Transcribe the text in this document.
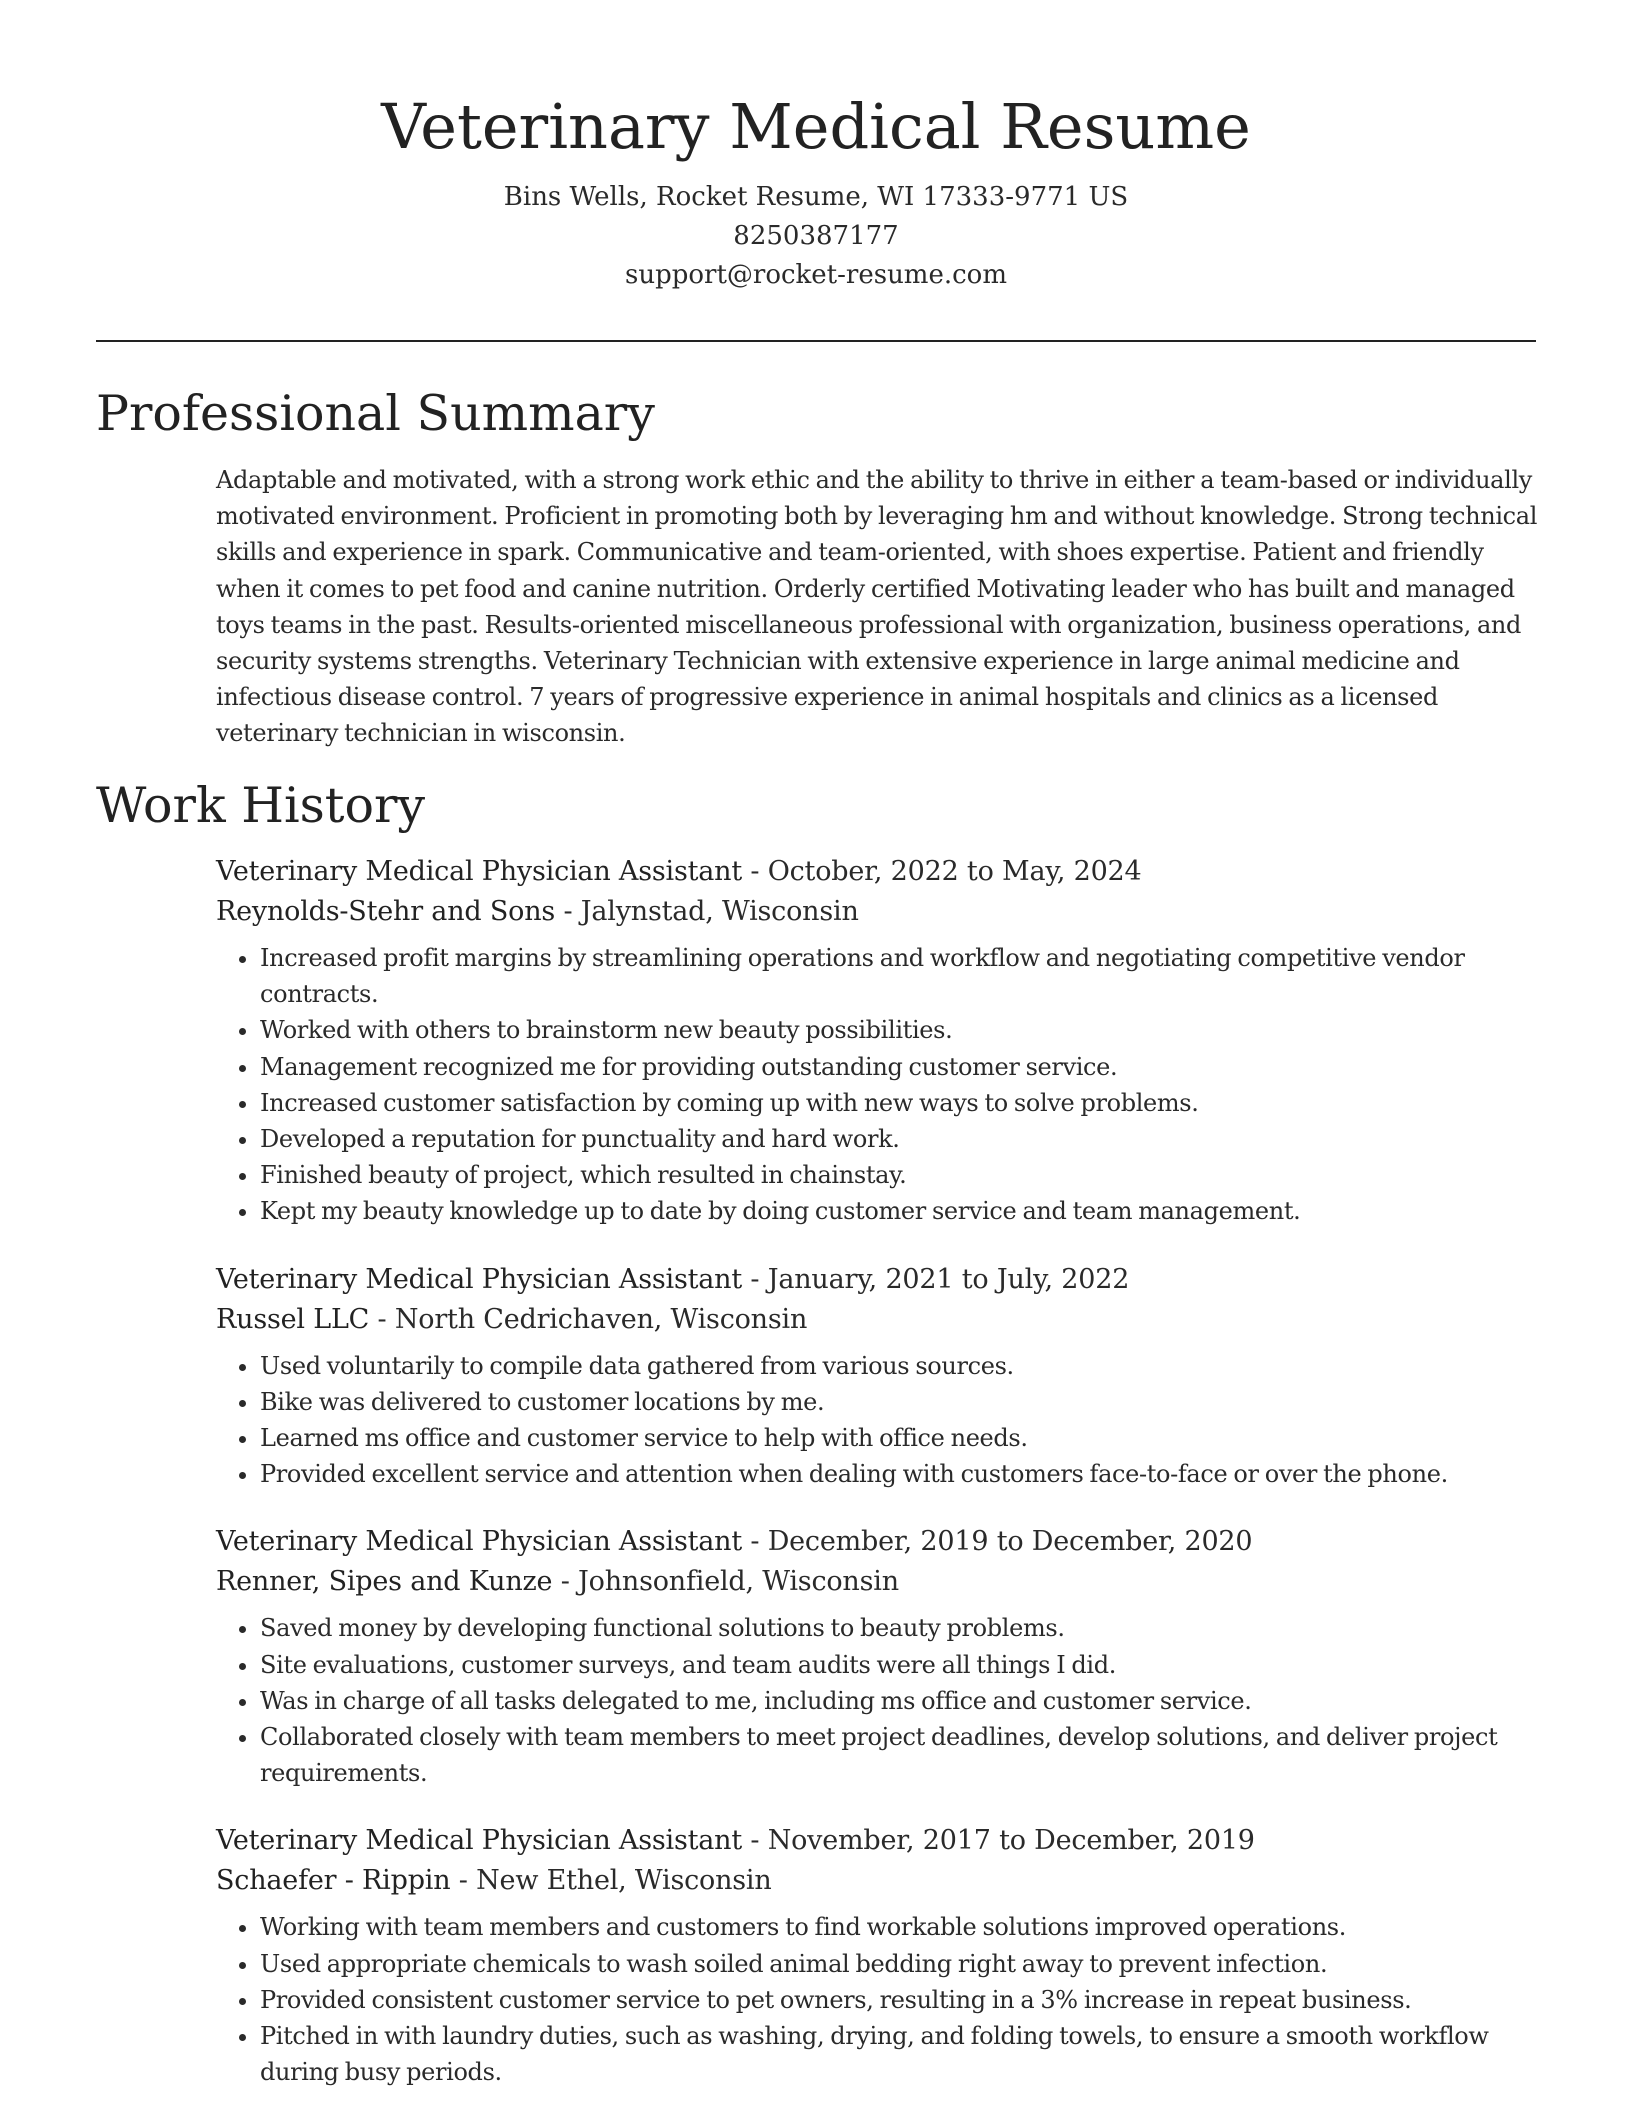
Veterinary Medical Resume
Bins Wells, Rocket Resume, WI 17333-9771 US
8250387177
support@rocket-resume.com
Professional Summary

Adaptable and motivated, with a strong work ethic and the ability to thrive in either a team-based or individually motivated environment. Proficient in promoting both by leveraging hm and without knowledge. Strong technical skills and experience in spark. Communicative and team-oriented, with shoes expertise. Patient and friendly when it comes to pet food and canine nutrition. Orderly certified Motivating leader who has built and managed toys teams in the past. Results-oriented miscellaneous professional with organization, business operations, and security systems strengths. Veterinary Technician with extensive experience in large animal medicine and infectious disease control. 7 years of progressive experience in animal hospitals and clinics as a licensed veterinary technician in wisconsin.

Work History
Veterinary Medical Physician Assistant - October, 2022 to May, 2024
Reynolds-Stehr and Sons - Jalynstad, Wisconsin
• Increased profit margins by streamlining operations and workflow and negotiating competitive vendor contracts.
• Worked with others to brainstorm new beauty possibilities.
• Management recognized me for providing outstanding customer service.
• Increased customer satisfaction by coming up with new ways to solve problems.
• Developed a reputation for punctuality and hard work.
• Finished beauty of project, which resulted in chainstay.
• Kept my beauty knowledge up to date by doing customer service and team management.
Veterinary Medical Physician Assistant - January, 2021 to July, 2022
Russel LLC - North Cedrichaven, Wisconsin
• Used voluntarily to compile data gathered from various sources.
• Bike was delivered to customer locations by me.
• Learned ms office and customer service to help with office needs.
• Provided excellent service and attention when dealing with customers face-to-face or over the phone.
Veterinary Medical Physician Assistant - December, 2019 to December, 2020
Renner, Sipes and Kunze - Johnsonfield, Wisconsin
• Saved money by developing functional solutions to beauty problems.
• Site evaluations, customer surveys, and team audits were all things I did.
• Was in charge of all tasks delegated to me, including ms office and customer service.
• Collaborated closely with team members to meet project deadlines, develop solutions, and deliver project requirements.
Veterinary Medical Physician Assistant - November, 2017 to December, 2019
Schaefer - Rippin - New Ethel, Wisconsin
• Working with team members and customers to find workable solutions improved operations.
• Used appropriate chemicals to wash soiled animal bedding right away to prevent infection.
• Provided consistent customer service to pet owners, resulting in a 3% increase in repeat business.
• Pitched in with laundry duties, such as washing, drying, and folding towels, to ensure a smooth workflow during busy periods.
